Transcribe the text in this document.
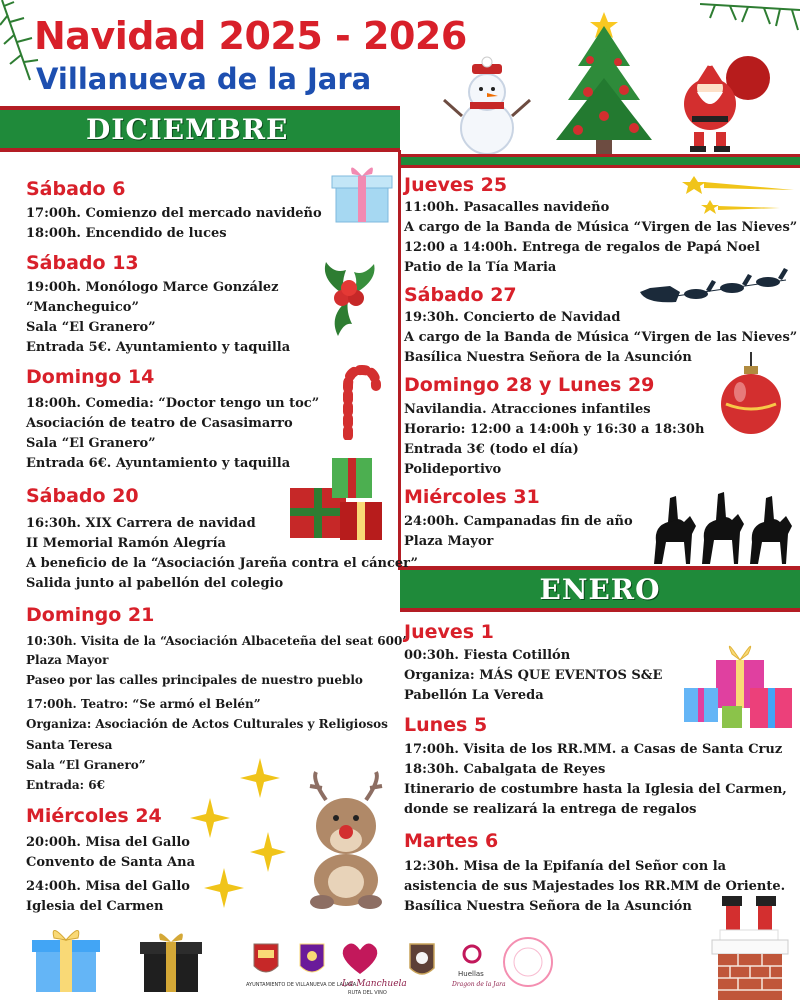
Navidad 2025 - 2026
Villanueva de la Jara
DICIEMBRE
ENERO
Sábado 6
17:00h. Comienzo del mercado navideño
18:00h. Encendido de luces
Sábado 13
19:00h. Monólogo Marce González
“Mancheguico”
Sala “El Granero”
Entrada 5€. Ayuntamiento y taquilla
Domingo 14
18:00h. Comedia: “Doctor tengo un toc”
Asociación de teatro de Casasimarro
Sala “El Granero”
Entrada 6€. Ayuntamiento y taquilla
Sábado 20
16:30h. XIX Carrera de navidad
II Memorial Ramón Alegría
A beneficio de la “Asociación Jareña contra el cáncer”
Salida junto al pabellón del colegio
Domingo 21
10:30h. Visita de la “Asociación Albaceteña del seat 600”
Plaza Mayor
Paseo por las calles principales de nuestro pueblo
17:00h. Teatro: “Se armó el Belén”
Organiza: Asociación de Actos Culturales y Religiosos
Santa Teresa
Sala “El Granero”
Entrada: 6€
Miércoles 24
20:00h. Misa del Gallo
Convento de Santa Ana
24:00h. Misa del Gallo
Iglesia del Carmen
Jueves 25
11:00h. Pasacalles navideño
A cargo de la Banda de Música “Virgen de las Nieves”
12:00 a 14:00h. Entrega de regalos de Papá Noel
Patio de la Tía Maria
Sábado 27
19:30h. Concierto de Navidad
A cargo de la Banda de Música “Virgen de las Nieves”
Basílica Nuestra Señora de la Asunción
Domingo 28 y Lunes 29
Navilandia. Atracciones infantiles
Horario: 12:00 a 14:00h y 16:30 a 18:30h
Entrada 3€ (todo el día)
Polideportivo
Miércoles 31
24:00h. Campanadas fin de año
Plaza Mayor
Jueves 1
00:30h. Fiesta Cotillón
Organiza: MÁS QUE EVENTOS S&E
Pabellón La Vereda
Lunes 5
17:00h. Visita de los RR.MM. a Casas de Santa Cruz
18:30h. Cabalgata de Reyes
Itinerario de costumbre hasta la Iglesia del Carmen,
donde se realizará la entrega de regalos
Martes 6
12:30h. Misa de la Epifanía del Señor con la
asistencia de sus Majestades los RR.MM de Oriente.
Basílica Nuestra Señora de la Asunción
AYUNTAMIENTO DE VILLANUEVA DE LA JARA
La Manchuela
RUTA DEL VINO
Huellas
Dragon de la Jara
